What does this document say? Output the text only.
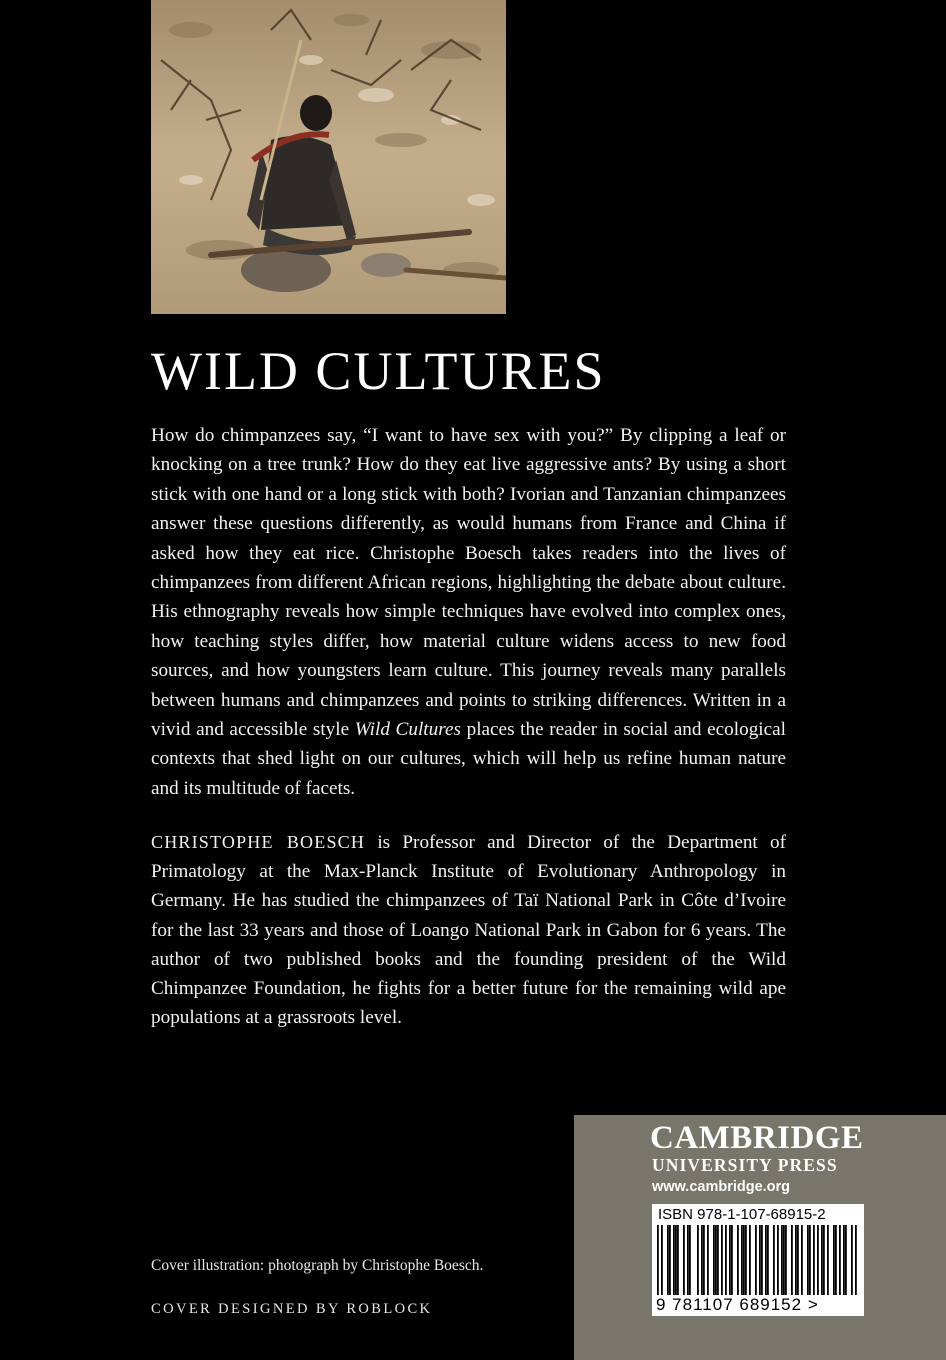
WILD CULTURES

How do chimpanzees say, “I want to have sex with you?” By clipping a leaf or knocking on a tree trunk? How do they eat live aggressive ants? By using a short stick with one hand or a long stick with both? Ivorian and Tanzanian chimpanzees answer these questions differently, as would humans from France and China if asked how they eat rice. Christophe Boesch takes readers into the lives of chimpanzees from different African regions, highlighting the debate about culture. His ethnography reveals how simple techniques have evolved into complex ones, how teaching styles differ, how material culture widens access to new food sources, and how youngsters learn culture. This journey reveals many parallels between humans and chimpanzees and points to striking differences. Written in a vivid and accessible style Wild Cultures places the reader in social and ecological contexts that shed light on our cultures, which will help us refine human nature and its multitude of facets.

CHRISTOPHE BOESCH is Professor and Director of the Department of Primatology at the Max-Planck Institute of Evolutionary Anthropology in Germany. He has studied the chimpanzees of Taï National Park in Côte d’Ivoire for the last 33 years and those of Loango National Park in Gabon for 6 years. The author of two published books and the founding president of the Wild Chimpanzee Foundation, he fights for a better future for the remaining wild ape populations at a grassroots level.

Cover illustration: photograph by Christophe Boesch.

COVER DESIGNED BY ROBLOCK

CAMBRIDGE

UNIVERSITY PRESS

www.cambridge.org

ISBN 978-1-107-68915-2
9 781107 689152 >
